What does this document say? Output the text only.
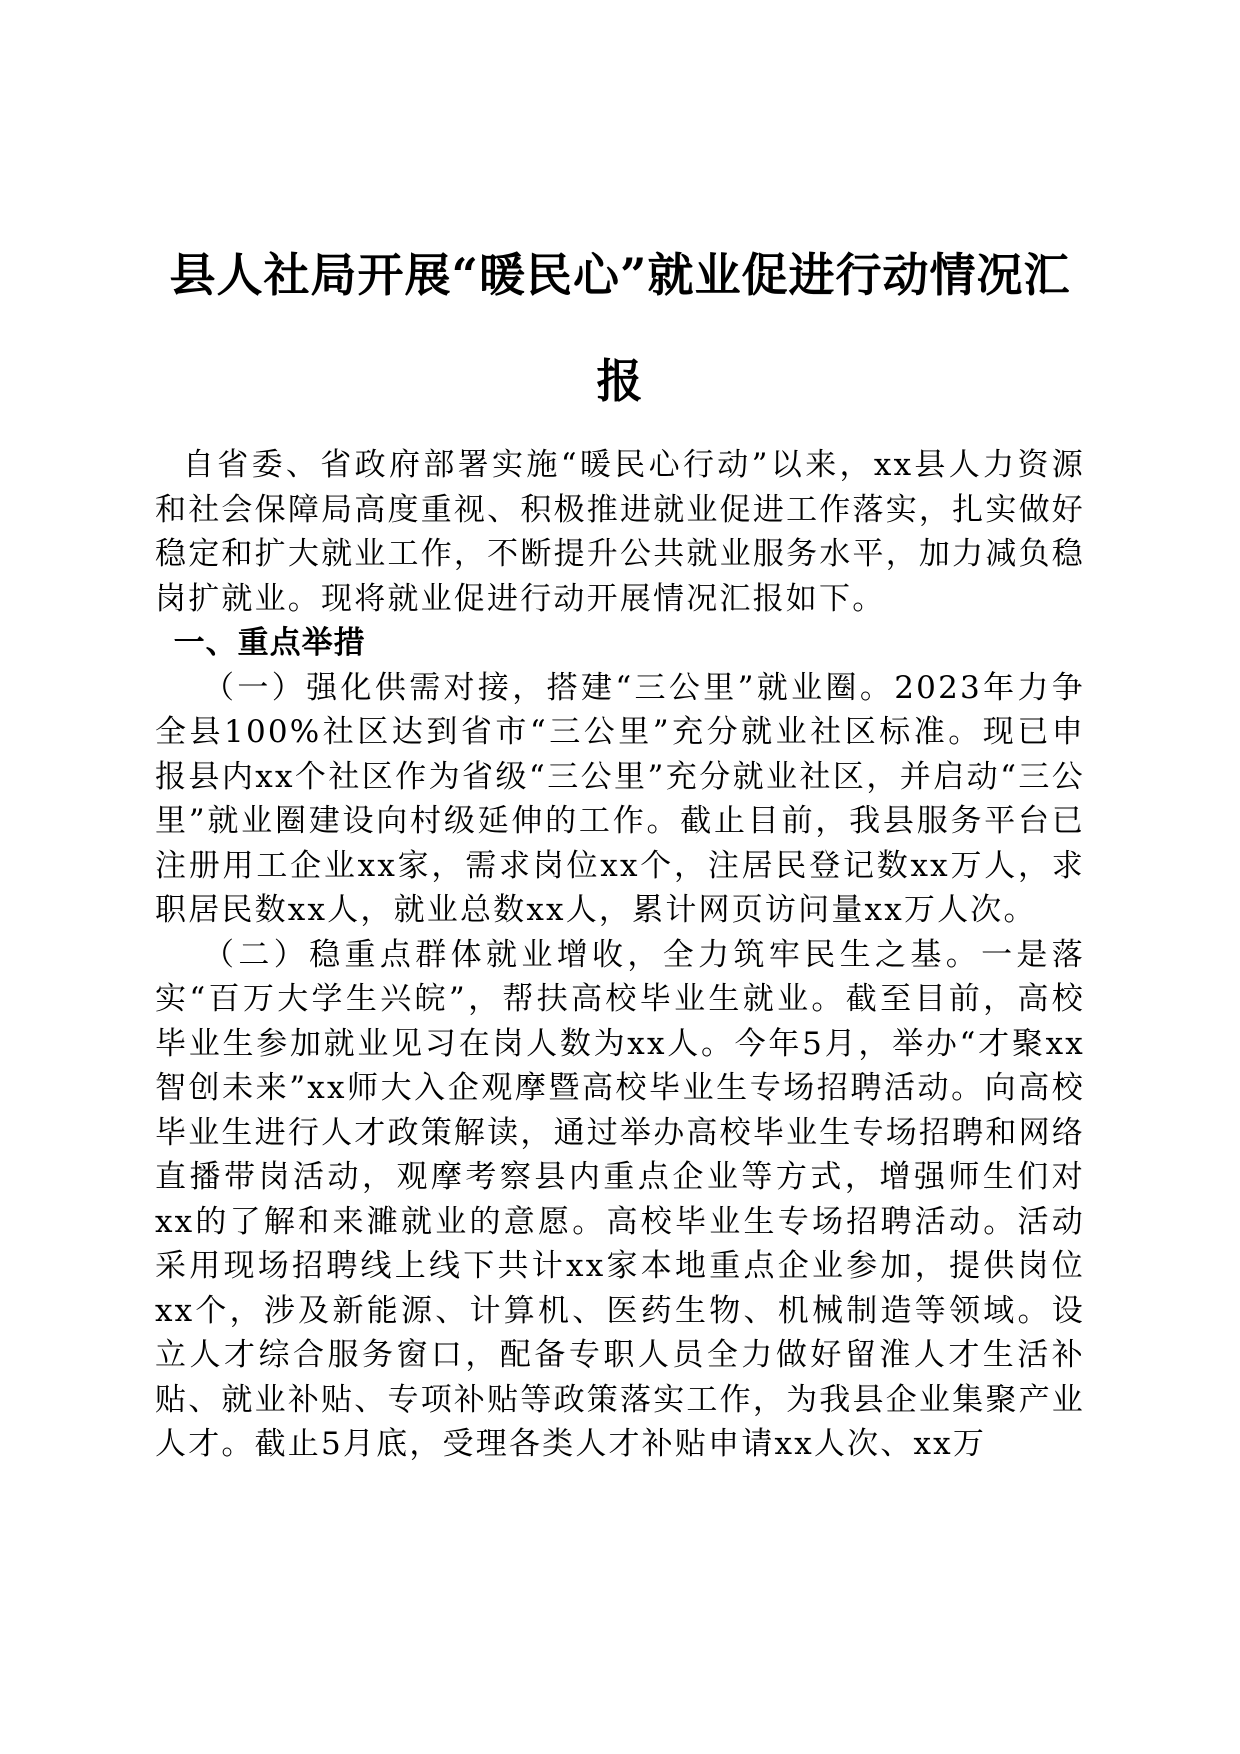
县人社局开展“暖民心”就业促进行动情况汇报

自省委、省政府部署实施“暖民心行动”以来，xx县人力资源和社会保障局高度重视、积极推进就业促进工作落实，扎实做好稳定和扩大就业工作，不断提升公共就业服务水平，加力减负稳岗扩就业。现将就业促进行动开展情况汇报如下。

一、重点举措

（一）强化供需对接，搭建“三公里”就业圈。2023年力争全县100%社区达到省市“三公里”充分就业社区标准。现已申报县内xx个社区作为省级“三公里”充分就业社区，并启动“三公里”就业圈建设向村级延伸的工作。截止目前，我县服务平台已注册用工企业xx家，需求岗位xx个，注居民登记数xx万人，求职居民数xx人，就业总数xx人，累计网页访问量xx万人次。

（二）稳重点群体就业增收，全力筑牢民生之基。一是落实“百万大学生兴皖”，帮扶高校毕业生就业。截至目前，高校毕业生参加就业见习在岗人数为xx人。今年5月，举办“才聚xx智创未来”xx师大入企观摩暨高校毕业生专场招聘活动。向高校毕业生进行人才政策解读，通过举办高校毕业生专场招聘和网络直播带岗活动，观摩考察县内重点企业等方式，增强师生们对xx的了解和来濉就业的意愿。高校毕业生专场招聘活动。活动采用现场招聘线上线下共计xx家本地重点企业参加，提供岗位xx个，涉及新能源、计算机、医药生物、机械制造等领域。设立人才综合服务窗口，配备专职人员全力做好留淮人才生活补贴、就业补贴、专项补贴等政策落实工作，为我县企业集聚产业人才。截止5月底，受理各类人才补贴申请xx人次、xx万
